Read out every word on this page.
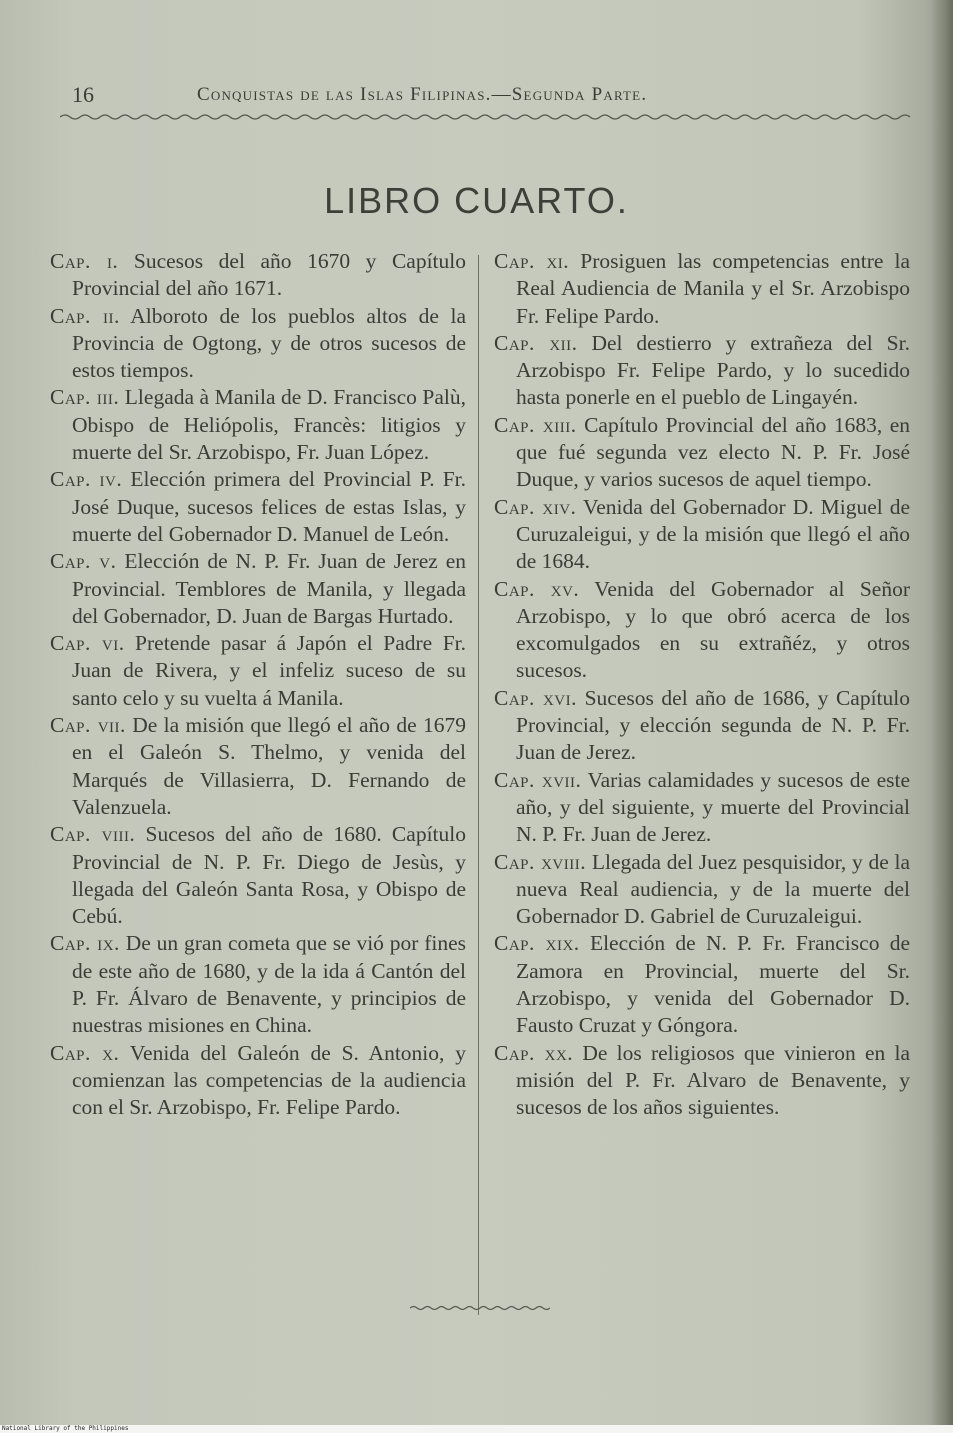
16	Conquistas de las Islas Filipinas.—Segunda Parte.
LIBRO CUARTO.

Cap. i. Sucesos del año 1670 y Capítulo Provincial del año 1671.

Cap. ii. Alboroto de los pueblos altos de la Provincia de Ogtong, y de otros sucesos de estos tiempos.

Cap. iii. Llegada à Manila de D. Francisco Palù, Obispo de Heliópolis, Francès: litigios y muerte del Sr. Arzobispo, Fr. Juan López.

Cap. iv. Elección primera del Provincial P. Fr. José Duque, sucesos felices de estas Islas, y muerte del Gobernador D. Manuel de León.

Cap. v. Elección de N. P. Fr. Juan de Jerez en Provincial. Temblores de Manila, y llegada del Gobernador, D. Juan de Bargas Hurtado.

Cap. vi. Pretende pasar á Japón el Padre Fr. Juan de Rivera, y el infeliz suceso de su santo celo y su vuelta á Manila.

Cap. vii. De la misión que llegó el año de 1679 en el Galeón S. Thelmo, y venida del Marqués de Villasierra, D. Fernando de Valenzuela.

Cap. viii. Sucesos del año de 1680. Capítulo Provincial de N. P. Fr. Diego de Jesùs, y llegada del Galeón Santa Rosa, y Obispo de Cebú.

Cap. ix. De un gran cometa que se vió por fines de este año de 1680, y de la ida á Cantón del P. Fr. Álvaro de Benavente, y principios de nuestras misiones en China.

Cap. x. Venida del Galeón de S. Antonio, y comienzan las competencias de la audiencia con el Sr. Arzobispo, Fr. Felipe Pardo.

Cap. xi. Prosiguen las competencias entre la Real Audiencia de Manila y el Sr. Arzobispo Fr. Felipe Pardo.

Cap. xii. Del destierro y extrañeza del Sr. Arzobispo Fr. Felipe Pardo, y lo sucedido hasta ponerle en el pueblo de Lingayén.

Cap. xiii. Capítulo Provincial del año 1683, en que fué segunda vez electo N. P. Fr. José Duque, y varios sucesos de aquel tiempo.

Cap. xiv. Venida del Gobernador D. Miguel de Curuzaleigui, y de la misión que llegó el año de 1684.

Cap. xv. Venida del Gobernador al Señor Arzobispo, y lo que obró acerca de los excomulgados en su extrañéz, y otros sucesos.

Cap. xvi. Sucesos del año de 1686, y Capítulo Provincial, y elección segunda de N. P. Fr. Juan de Jerez.

Cap. xvii. Varias calamidades y sucesos de este año, y del siguiente, y muerte del Provincial N. P. Fr. Juan de Jerez.

Cap. xviii. Llegada del Juez pesquisidor, y de la nueva Real audiencia, y de la muerte del Gobernador D. Gabriel de Curuzaleigui.

Cap. xix. Elección de N. P. Fr. Francisco de Zamora en Provincial, muerte del Sr. Arzobispo, y venida del Gobernador D. Fausto Cruzat y Góngora.

Cap. xx. De los religiosos que vinieron en la misión del P. Fr. Alvaro de Benavente, y sucesos de los años siguientes.

National Library of the Philippines
